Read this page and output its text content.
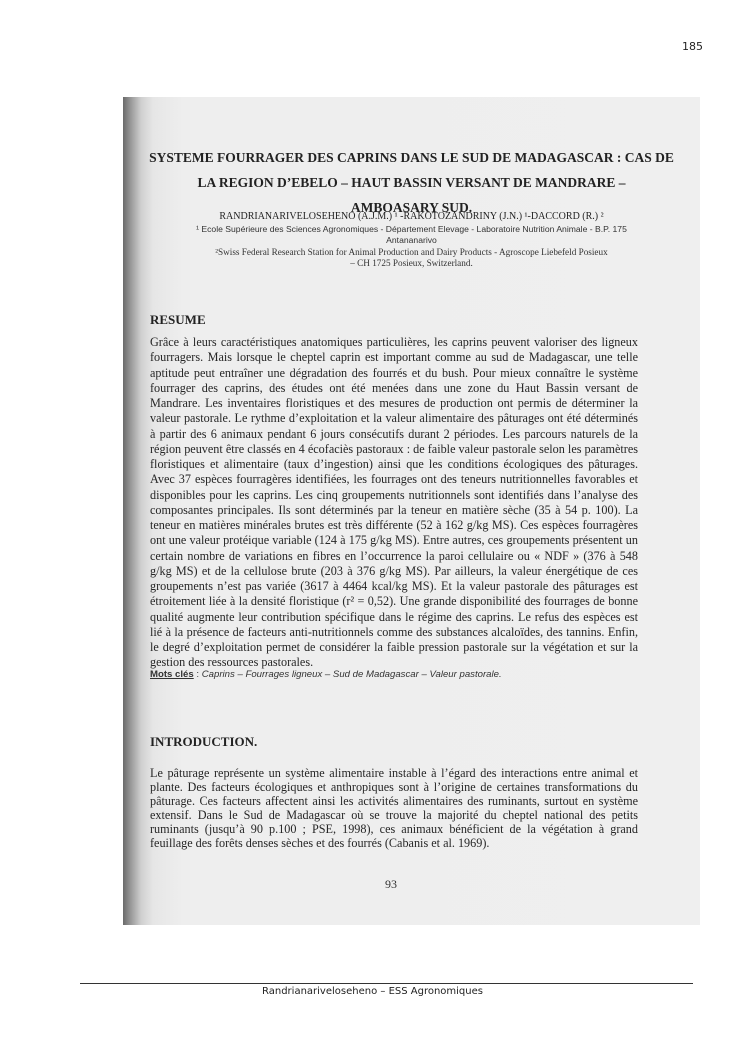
185
SYSTEME FOURRAGER DES CAPRINS DANS LE SUD DE MADAGASCAR : CAS DE
LA REGION D’EBELO – HAUT BASSIN VERSANT DE MANDRARE –
AMBOASARY SUD.
RANDRIANARIVELOSEHENO (A.J.M.) ¹ -RAKOTOZANDRINY (J.N.) ¹-DACCORD (R.) ²
¹ Ecole Supérieure des Sciences Agronomiques - Département Elevage - Laboratoire Nutrition Animale - B.P. 175
Antananarivo
²Swiss Federal Research Station for Animal Production and Dairy Products - Agroscope Liebefeld Posieux
– CH 1725 Posieux, Switzerland.
RESUME
Grâce à leurs caractéristiques anatomiques particulières, les caprins peuvent valoriser des ligneux
fourragers. Mais lorsque le cheptel caprin est important comme au sud de Madagascar, une telle
aptitude peut entraîner une dégradation des fourrés et du bush. Pour mieux connaître le système
fourrager des caprins, des études ont été menées dans une zone du Haut Bassin versant de
Mandrare. Les inventaires floristiques et des mesures de production ont permis de déterminer la
valeur pastorale. Le rythme d’exploitation et la valeur alimentaire des pâturages ont été déterminés
à partir des 6 animaux pendant 6 jours consécutifs durant 2 périodes. Les parcours naturels de la
région peuvent être classés en 4 écofaciès pastoraux : de faible valeur pastorale selon les paramètres
floristiques et alimentaire (taux d’ingestion) ainsi que les conditions écologiques des pâturages.
Avec 37 espèces fourragères identifiées, les fourrages ont des teneurs nutritionnelles favorables et
disponibles pour les caprins. Les cinq groupements nutritionnels sont identifiés dans l’analyse des
composantes principales. Ils sont déterminés par la teneur en matière sèche (35 à 54 p. 100). La
teneur en matières minérales brutes est très différente (52 à 162 g/kg MS). Ces espèces fourragères
ont une valeur protéique variable (124 à 175 g/kg MS). Entre autres, ces groupements présentent un
certain nombre de variations en fibres en l’occurrence la paroi cellulaire ou « NDF » (376 à 548
g/kg MS) et de la cellulose brute (203 à 376 g/kg MS). Par ailleurs, la valeur énergétique de ces
groupements n’est pas variée (3617 à 4464 kcal/kg MS). Et la valeur pastorale des pâturages est
étroitement liée à la densité floristique (r² = 0,52). Une grande disponibilité des fourrages de bonne
qualité augmente leur contribution spécifique dans le régime des caprins. Le refus des espèces est
lié à la présence de facteurs anti-nutritionnels comme des substances alcaloïdes, des tannins. Enfin,
le degré d’exploitation permet de considérer la faible pression pastorale sur la végétation et sur la
gestion des ressources pastorales.
Mots clés : Caprins – Fourrages ligneux – Sud de Madagascar – Valeur pastorale.
INTRODUCTION.
Le pâturage représente un système alimentaire instable à l’égard des interactions entre animal et
plante. Des facteurs écologiques et anthropiques sont à l’origine de certaines transformations du
pâturage. Ces facteurs affectent ainsi les activités alimentaires des ruminants, surtout en système
extensif. Dans le Sud de Madagascar où se trouve la majorité du cheptel national des petits
ruminants (jusqu’à 90 p.100 ; PSE, 1998), ces animaux bénéficient de la végétation à grand
feuillage des forêts denses sèches et des fourrés (Cabanis et al. 1969).
93
Randrianariveloseheno – ESS Agronomiques
